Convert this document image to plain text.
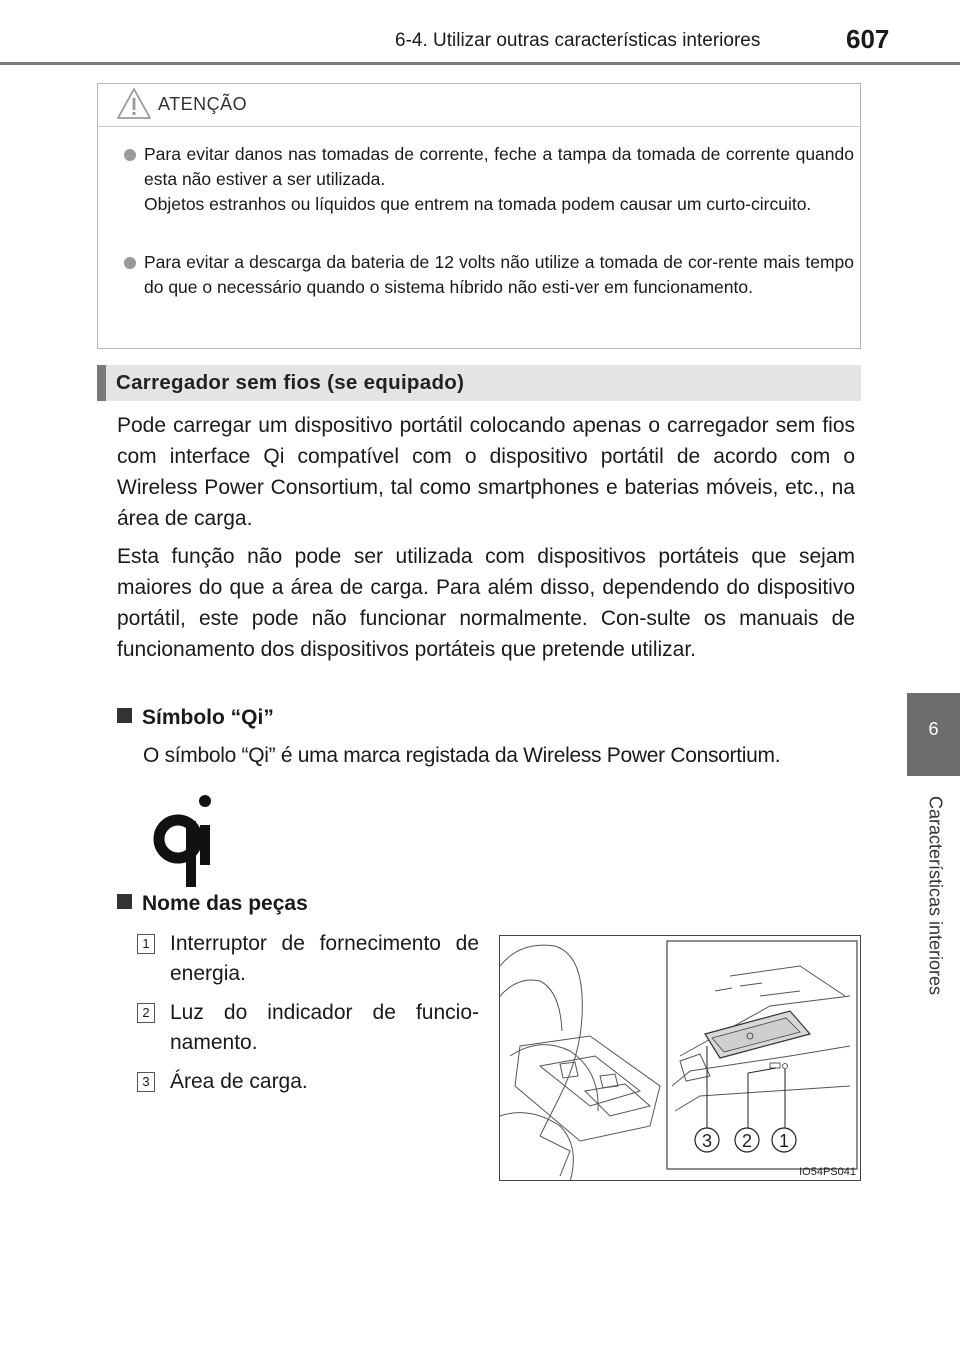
6-4. Utilizar outras características interiores	607
6
Características interiores
ATENÇÃO

Para evitar danos nas tomadas de corrente, feche a tampa da tomada de corrente quando esta não estiver a ser utilizada.

Objetos estranhos ou líquidos que entrem na tomada podem causar um curto-circuito.

Para evitar a descarga da bateria de 12 volts não utilize a tomada de cor-rente mais tempo do que o necessário quando o sistema híbrido não esti-ver em funcionamento.

Carregador sem fios (se equipado)

Pode carregar um dispositivo portátil colocando apenas o carregador sem fios com interface Qi compatível com o dispositivo portátil de acordo com o Wireless Power Consortium, tal como smartphones e baterias móveis, etc., na área de carga.

Esta função não pode ser utilizada com dispositivos portáteis que sejam maiores do que a área de carga. Para além disso, dependendo do dispositivo portátil, este pode não funcionar normalmente. Con-sulte os manuais de funcionamento dos dispositivos portáteis que pretende utilizar.

Símbolo “Qi”

O símbolo “Qi” é uma marca registada da Wireless Power Consortium.

Nome das peças
1 Interruptor de fornecimento de energia.

2 Luz do indicador de funcio-namento.

3 Área de carga.

3 2 1
IO54PS041
